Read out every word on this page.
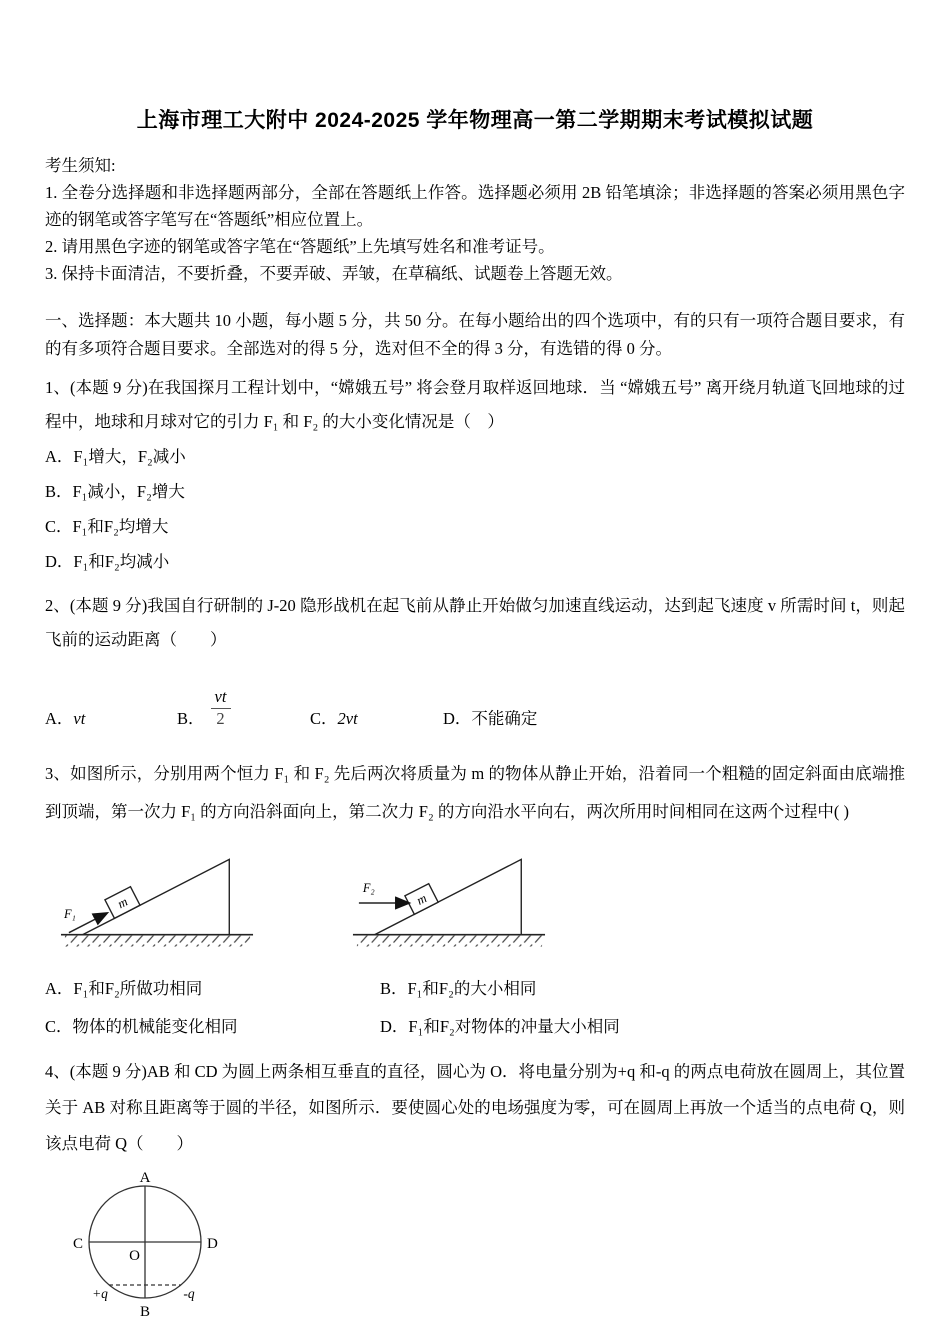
上海市理工大附中 2024-2025 学年物理高一第二学期期末考试模拟试题
考生须知:
1. 全卷分选择题和非选择题两部分，全部在答题纸上作答。选择题必须用 2B 铅笔填涂；非选择题的答案必须用黑色字迹的钢笔或答字笔写在“答题纸”相应位置上。
2. 请用黑色字迹的钢笔或答字笔在“答题纸”上先填写姓名和准考证号。
3. 保持卡面清洁，不要折叠，不要弄破、弄皱，在草稿纸、试题卷上答题无效。
一、选择题：本大题共 10 小题，每小题 5 分，共 50 分。在每小题给出的四个选项中，有的只有一项符合题目要求，有的有多项符合题目要求。全部选对的得 5 分，选对但不全的得 3 分，有选错的得 0 分。
1、(本题 9 分)在我国探月工程计划中，“嫦娥五号” 将会登月取样返回地球．当 “嫦娥五号” 离开绕月轨道飞回地球的过程中，地球和月球对它的引力 F₁ 和 F₂ 的大小变化情况是（　）
A．F₁增大，F₂减小
B．F₁减小，F₂增大
C．F₁和F₂均增大
D．F₁和F₂均减小
2、(本题 9 分)我国自行研制的 J-20 隐形战机在起飞前从静止开始做匀加速直线运动，达到起飞速度 v 所需时间 t，则起飞前的运动距离（　　）
A． vt	B． $\frac{vt}{2}$	C． 2vt	D． 不能确定
3、如图所示，分别用两个恒力 F₁ 和 F₂ 先后两次将质量为 m 的物体从静止开始，沿着同一个粗糙的固定斜面由底端推到顶端，第一次力 F₁ 的方向沿斜面向上，第二次力 F₂ 的方向沿水平向右，两次所用时间相同在这两个过程中( )
m
F₁
m
F₂
A．F₁和F₂所做功相同	B．F₁和F₂的大小相同
C．物体的机械能变化相同	D．F₁和F₂对物体的冲量大小相同
4、(本题 9 分)AB 和 CD 为圆上两条相互垂直的直径，圆心为 O．将电量分别为+q 和-q 的两点电荷放在圆周上，其位置关于 AB 对称且距离等于圆的半径，如图所示．要使圆心处的电场强度为零，可在圆周上再放一个适当的点电荷 Q，则该点电荷 Q（　　）
A
B
C	D
O
+q	-q
